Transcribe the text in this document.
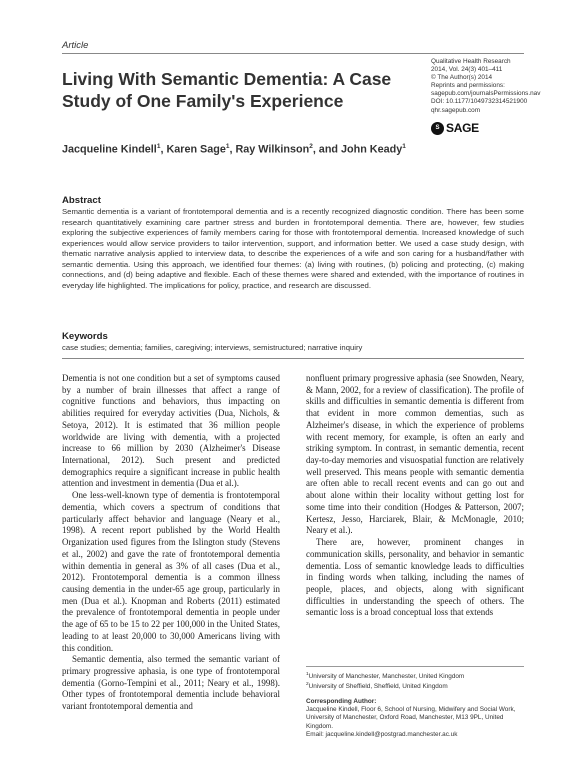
Article
Living With Semantic Dementia: A Case Study of One Family's Experience
Qualitative Health Research
2014, Vol. 24(3) 401–411
© The Author(s) 2014
Reprints and permissions:
sagepub.com/journalsPermissions.nav
DOI: 10.1177/1049732314521900
qhr.sagepub.com
S SAGE
Jacqueline Kindell$^1$, Karen Sage$^1$, Ray Wilkinson$^2$, and John Keady$^1$
Abstract

Semantic dementia is a variant of frontotemporal dementia and is a recently recognized diagnostic condition. There has been some research quantitatively examining care partner stress and burden in frontotemporal dementia. There are, however, few studies exploring the subjective experiences of family members caring for those with frontotemporal dementia. Increased knowledge of such experiences would allow service providers to tailor intervention, support, and information better. We used a case study design, with thematic narrative analysis applied to interview data, to describe the experiences of a wife and son caring for a husband/father with semantic dementia. Using this approach, we identified four themes: (a) living with routines, (b) policing and protecting, (c) making connections, and (d) being adaptive and flexible. Each of these themes were shared and extended, with the importance of routines in everyday life highlighted. The implications for policy, practice, and research are discussed.

Keywords
case studies; dementia; families, caregiving; interviews, semistructured; narrative inquiry

Dementia is not one condition but a set of symptoms caused by a number of brain illnesses that affect a range of cognitive functions and behaviors, thus impacting on abilities required for everyday activities (Dua, Nichols, & Setoya, 2012). It is estimated that 36 million people worldwide are living with dementia, with a projected increase to 66 million by 2030 (Alzheimer's Disease International, 2012). Such present and predicted demographics require a significant increase in public health attention and investment in dementia (Dua et al.).

One less-well-known type of dementia is frontotemporal dementia, which covers a spectrum of conditions that particularly affect behavior and language (Neary et al., 1998). A recent report published by the World Health Organization used figures from the Islington study (Stevens et al., 2002) and gave the rate of frontotemporal dementia within dementia in general as 3% of all cases (Dua et al., 2012). Frontotemporal dementia is a common illness causing dementia in the under-65 age group, particularly in men (Dua et al.). Knopman and Roberts (2011) estimated the prevalence of frontotemporal dementia in people under the age of 65 to be 15 to 22 per 100,000 in the United States, leading to at least 20,000 to 30,000 Americans living with this condition.

Semantic dementia, also termed the semantic variant of primary progressive aphasia, is one type of frontotemporal dementia (Gorno-Tempini et al., 2011; Neary et al., 1998). Other types of frontotemporal dementia include behavioral variant frontotemporal dementia and

nonfluent primary progressive aphasia (see Snowden, Neary, & Mann, 2002, for a review of classification). The profile of skills and difficulties in semantic dementia is different from that evident in more common dementias, such as Alzheimer's disease, in which the experience of problems with recent memory, for example, is often an early and striking symptom. In contrast, in semantic dementia, recent day-to-day memories and visuospatial function are relatively well preserved. This means people with semantic dementia are often able to recall recent events and can go out and about alone within their locality without getting lost for some time into their condition (Hodges & Patterson, 2007; Kertesz, Jesso, Harciarek, Blair, & McMonagle, 2010; Neary et al.).

There are, however, prominent changes in communication skills, personality, and behavior in semantic dementia. Loss of semantic knowledge leads to difficulties in finding words when talking, including the names of people, places, and objects, along with significant difficulties in understanding the speech of others. The semantic loss is a broad conceptual loss that extends

$^1$University of Manchester, Manchester, United Kingdom
$^2$University of Sheffield, Sheffield, United Kingdom
Corresponding Author:
Jacqueline Kindell, Floor 6, School of Nursing, Midwifery and Social Work, University of Manchester, Oxford Road, Manchester, M13 9PL, United Kingdom.
Email: jacqueline.kindell@postgrad.manchester.ac.uk
